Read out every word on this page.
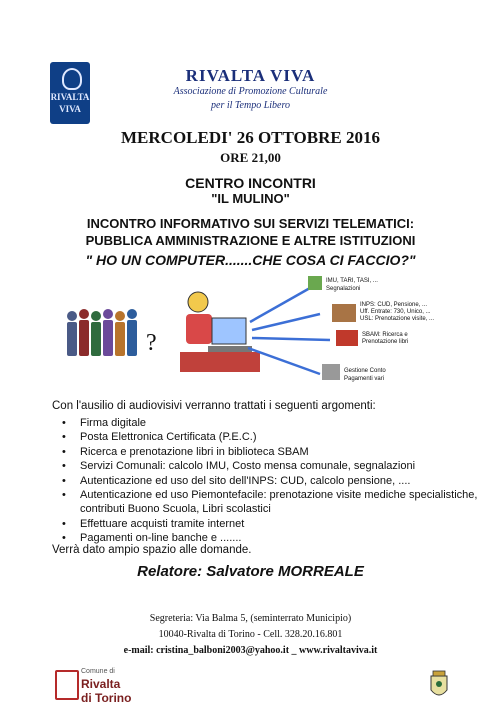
RIVALTA
VIVA
RIVALTA VIVA
Associazione di Promozione Culturale
per il Tempo Libero
MERCOLEDI' 26 OTTOBRE 2016
ORE 21,00
CENTRO INCONTRI
"IL MULINO"
INCONTRO INFORMATIVO SUI SERVIZI TELEMATICI:
PUBBLICA AMMINISTRAZIONE E ALTRE ISTITUZIONI
" HO UN COMPUTER.......CHE COSA CI FACCIO?"
?
IMU, TARI, TASI, ...
Segnalazioni
INPS: CUD, Pensione, ...
Uff. Entrate: 730, Unico, ...
USL: Prenotazione visite, ...
SBAM: Ricerca e
Prenotazione libri
Gestione Conto
Pagamenti vari
Con l'ausilio di audiovisivi verranno trattati i seguenti argomenti:
• Firma digitale
• Posta Elettronica Certificata (P.E.C.)
• Ricerca e prenotazione libri in biblioteca SBAM
• Servizi Comunali: calcolo IMU, Costo mensa comunale, segnalazioni
• Autenticazione ed uso del sito dell'INPS: CUD, calcolo pensione, ....
• Autenticazione ed uso Piemontefacile: prenotazione visite mediche specialistiche, contributi Buono Scuola, Libri scolastici
• Effettuare acquisti tramite internet
• Pagamenti on-line banche e .......
Verrà dato ampio spazio alle domande.
Relatore: Salvatore MORREALE
Segreteria: Via Balma 5, (seminterrato Municipio)
10040-Rivalta di Torino - Cell. 328.20.16.801
e-mail: cristina_balboni2003@yahoo.it _ www.rivaltaviva.it
Comune di
Rivalta
di Torino
